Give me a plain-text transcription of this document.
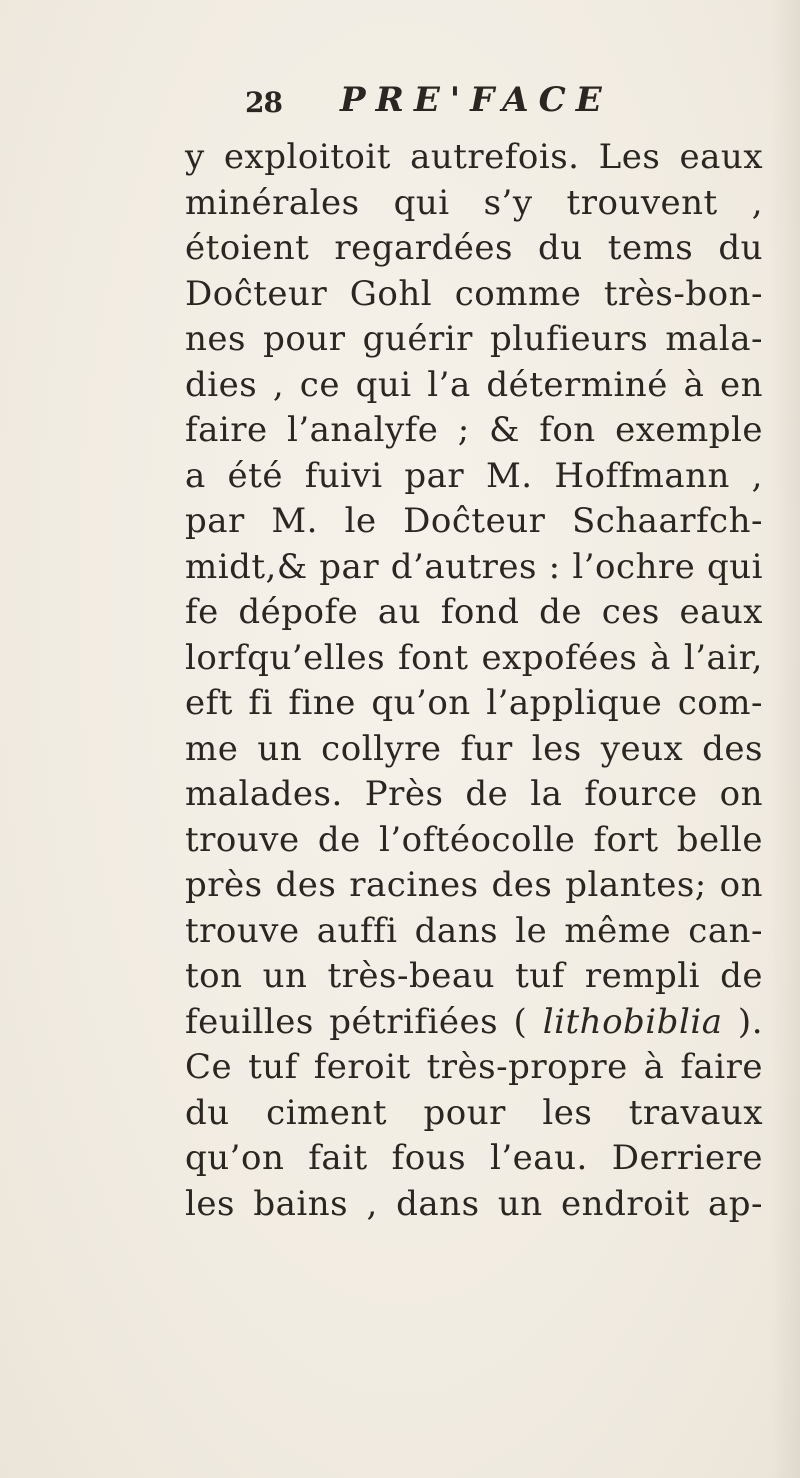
28 PRE'FACE
y exploitoit autrefois. Les eaux
minérales qui s’y trouvent ,
étoient regardées du tems du
Doĉteur Gohl comme très-bon-
nes pour guérir plufieurs mala-
dies , ce qui l’a déterminé à en
faire l’analyfe ; & fon exemple
a été fuivi par M. Hoffmann ,
par M. le Doĉteur Schaarfch-
midt,& par d’autres : l’ochre qui
fe dépofe au fond de ces eaux
lorfqu’elles font expofées à l’air,
eft fi fine qu’on l’applique com-
me un collyre fur les yeux des
malades. Près de la fource on
trouve de l’oftéocolle fort belle
près des racines des plantes; on
trouve auffi dans le même can-
ton un très-beau tuf rempli de
feuilles pétrifiées ( lithobiblia ).
Ce tuf feroit très-propre à faire
du ciment pour les travaux
qu’on fait fous l’eau. Derriere
les bains , dans un endroit ap-
